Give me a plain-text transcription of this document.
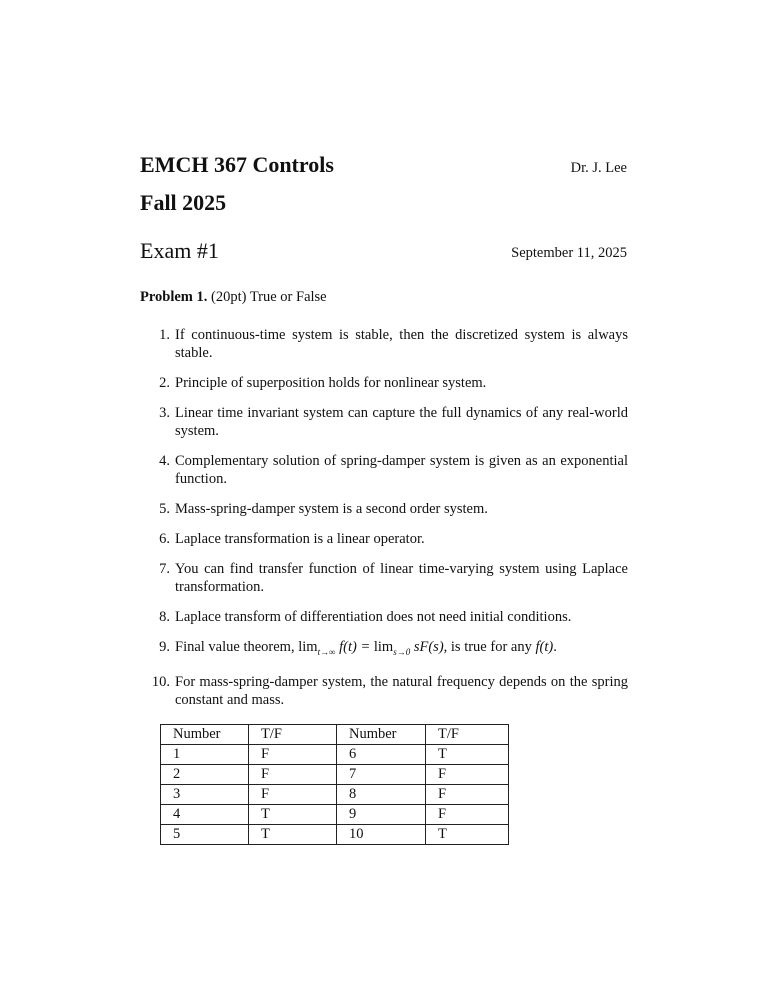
EMCH 367 Controls	Dr. J. Lee
Fall 2025
Exam #1	September 11, 2025
Problem 1. (20pt) True or False
1. If continuous-time system is stable, then the discretized system is always stable.
2. Principle of superposition holds for nonlinear system.
3. Linear time invariant system can capture the full dynamics of any real-world system.
4. Complementary solution of spring-damper system is given as an exponential function.
5. Mass-spring-damper system is a second order system.
6. Laplace transformation is a linear operator.
7. You can find transfer function of linear time-varying system using Laplace transformation.
8. Laplace transform of differentiation does not need initial conditions.
9. Final value theorem, $\lim_{t\to\infty} f(t) = \lim_{s\to 0} sF(s)$, is true for any f(t).
10. For mass-spring-damper system, the natural frequency depends on the spring constant and mass.
Number	T/F	Number	T/F
1	F	6	T
2	F	7	F
3	F	8	F
4	T	9	F
5	T	10	T
